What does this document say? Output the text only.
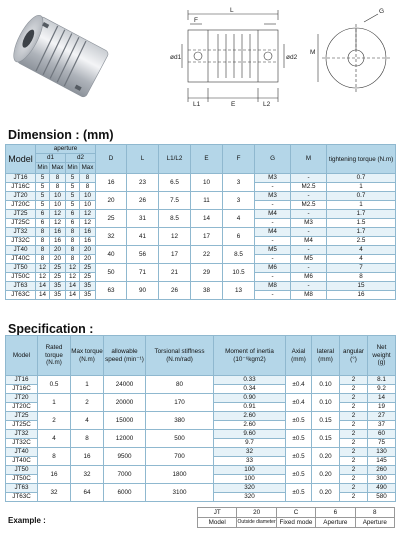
F
L	G
ød1	ød2
M
L1	E	L2
Dimension : (mm)
Model	aperture				D	L	L1/L2	E	F	G	M	tightening torque (N.m)
	d1		d2									
	Min	Max	Min	Max								
JT16	5	8	5	8	16	23	6.5	10	3	M3	-	0.7
JT16C	5	8	5	8						-	M2.5	1
JT20	5	10	5	10	20	26	7.5	11	3	M3	-	0.7
JT20C	5	10	5	10						-	M2.5	1
JT25	6	12	6	12	25	31	8.5	14	4	M4	-	1.7
JT25C	6	12	6	12						-	M3	1.5
JT32	8	16	8	16	32	41	12	17	6	M4	-	1.7
JT32C	8	16	8	16						-	M4	2.5
JT40	8	20	8	20	40	56	17	22	8.5	M5	-	4
JT40C	8	20	8	20						-	M5	4
JT50	12	25	12	25	50	71	21	29	10.5	M6	-	7
JT50C	12	25	12	25						-	M6	8
JT63	14	35	14	35	63	90	26	38	13	M8	-	15
JT63C	14	35	14	35						-	M8	16
Specification :
Model	Rated torque (N.m)	Max torque (N.m)	allowable speed (min⁻¹)	Torsional stiffness (N.m/rad)	Moment of inertia (10⁻⁶kgm2)	Axial (mm)	lateral (mm)	angular (°)	Net weight (g)
JT16	0.5	1	24000	80	0.33	±0.4	0.10	2	8.1
JT16C					0.34			2	9.2
JT20	1	2	20000	170	0.90	±0.4	0.10	2	14
JT20C					0.91			2	19
JT25	2	4	15000	380	2.60	±0.5	0.15	2	27
JT25C					2.60			2	37
JT32	4	8	12000	500	9.60	±0.5	0.15	2	60
JT32C					9.7			2	75
JT40	8	16	9500	700	32	±0.5	0.20	2	130
JT40C					33			2	145
JT50	16	32	7000	1800	100	±0.5	0.20	2	260
JT50C					100			2	300
JT63	32	64	6000	3100	320	±0.5	0.20	2	490
JT63C					320			2	580
Example :
JT	20	C	6	8
Model	Outside diameter	Fixed mode	Aperture	Aperture
